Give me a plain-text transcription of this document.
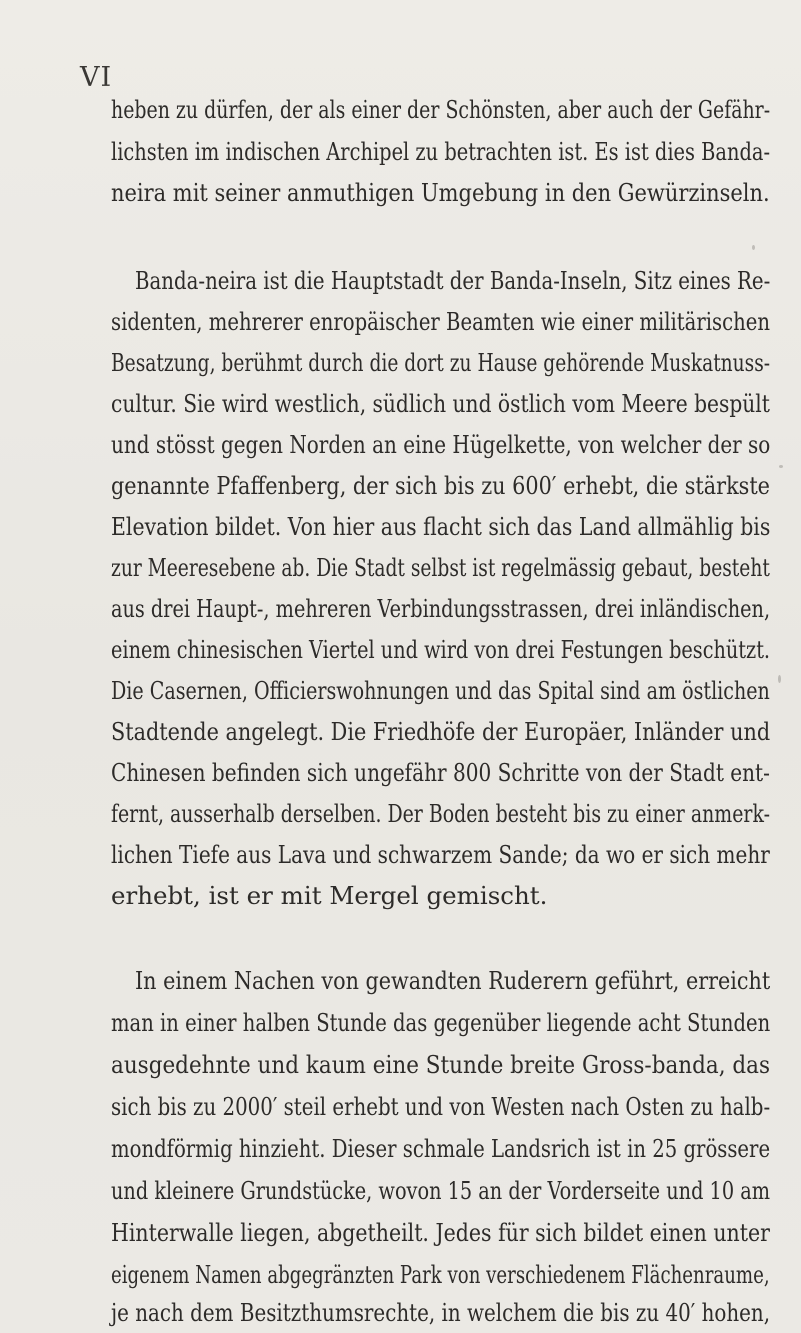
VI
heben zu dürfen, der als einer der Schönsten, aber auch der Gefähr-
lichsten im indischen Archipel zu betrachten ist. Es ist dies Banda-
neira mit seiner anmuthigen Umgebung in den Gewürzinseln.
Banda-neira ist die Hauptstadt der Banda-Inseln, Sitz eines Re-
sidenten, mehrerer enropäischer Beamten wie einer militärischen
Besatzung, berühmt durch die dort zu Hause gehörende Muskatnuss-
cultur. Sie wird westlich, südlich und östlich vom Meere bespült
und stösst gegen Norden an eine Hügelkette, von welcher der so
genannte Pfaffenberg, der sich bis zu 600′ erhebt, die stärkste
Elevation bildet. Von hier aus flacht sich das Land allmählig bis
zur Meeresebene ab. Die Stadt selbst ist regelmässig gebaut, besteht
aus drei Haupt-, mehreren Verbindungsstrassen, drei inländischen,
einem chinesischen Viertel und wird von drei Festungen beschützt.
Die Casernen, Officierswohnungen und das Spital sind am östlichen
Stadtende angelegt. Die Friedhöfe der Europäer, Inländer und
Chinesen befinden sich ungefähr 800 Schritte von der Stadt ent-
fernt, ausserhalb derselben. Der Boden besteht bis zu einer anmerk-
lichen Tiefe aus Lava und schwarzem Sande; da wo er sich mehr
erhebt, ist er mit Mergel gemischt.
In einem Nachen von gewandten Ruderern geführt, erreicht
man in einer halben Stunde das gegenüber liegende acht Stunden
ausgedehnte und kaum eine Stunde breite Gross-banda, das
sich bis zu 2000′ steil erhebt und von Westen nach Osten zu halb-
mondförmig hinzieht. Dieser schmale Landsrich ist in 25 grössere
und kleinere Grundstücke, wovon 15 an der Vorderseite und 10 am
Hinterwalle liegen, abgetheilt. Jedes für sich bildet einen unter
eigenem Namen abgegränzten Park von verschiedenem Flächenraume,
je nach dem Besitzthumsrechte, in welchem die bis zu 40′ hohen,
